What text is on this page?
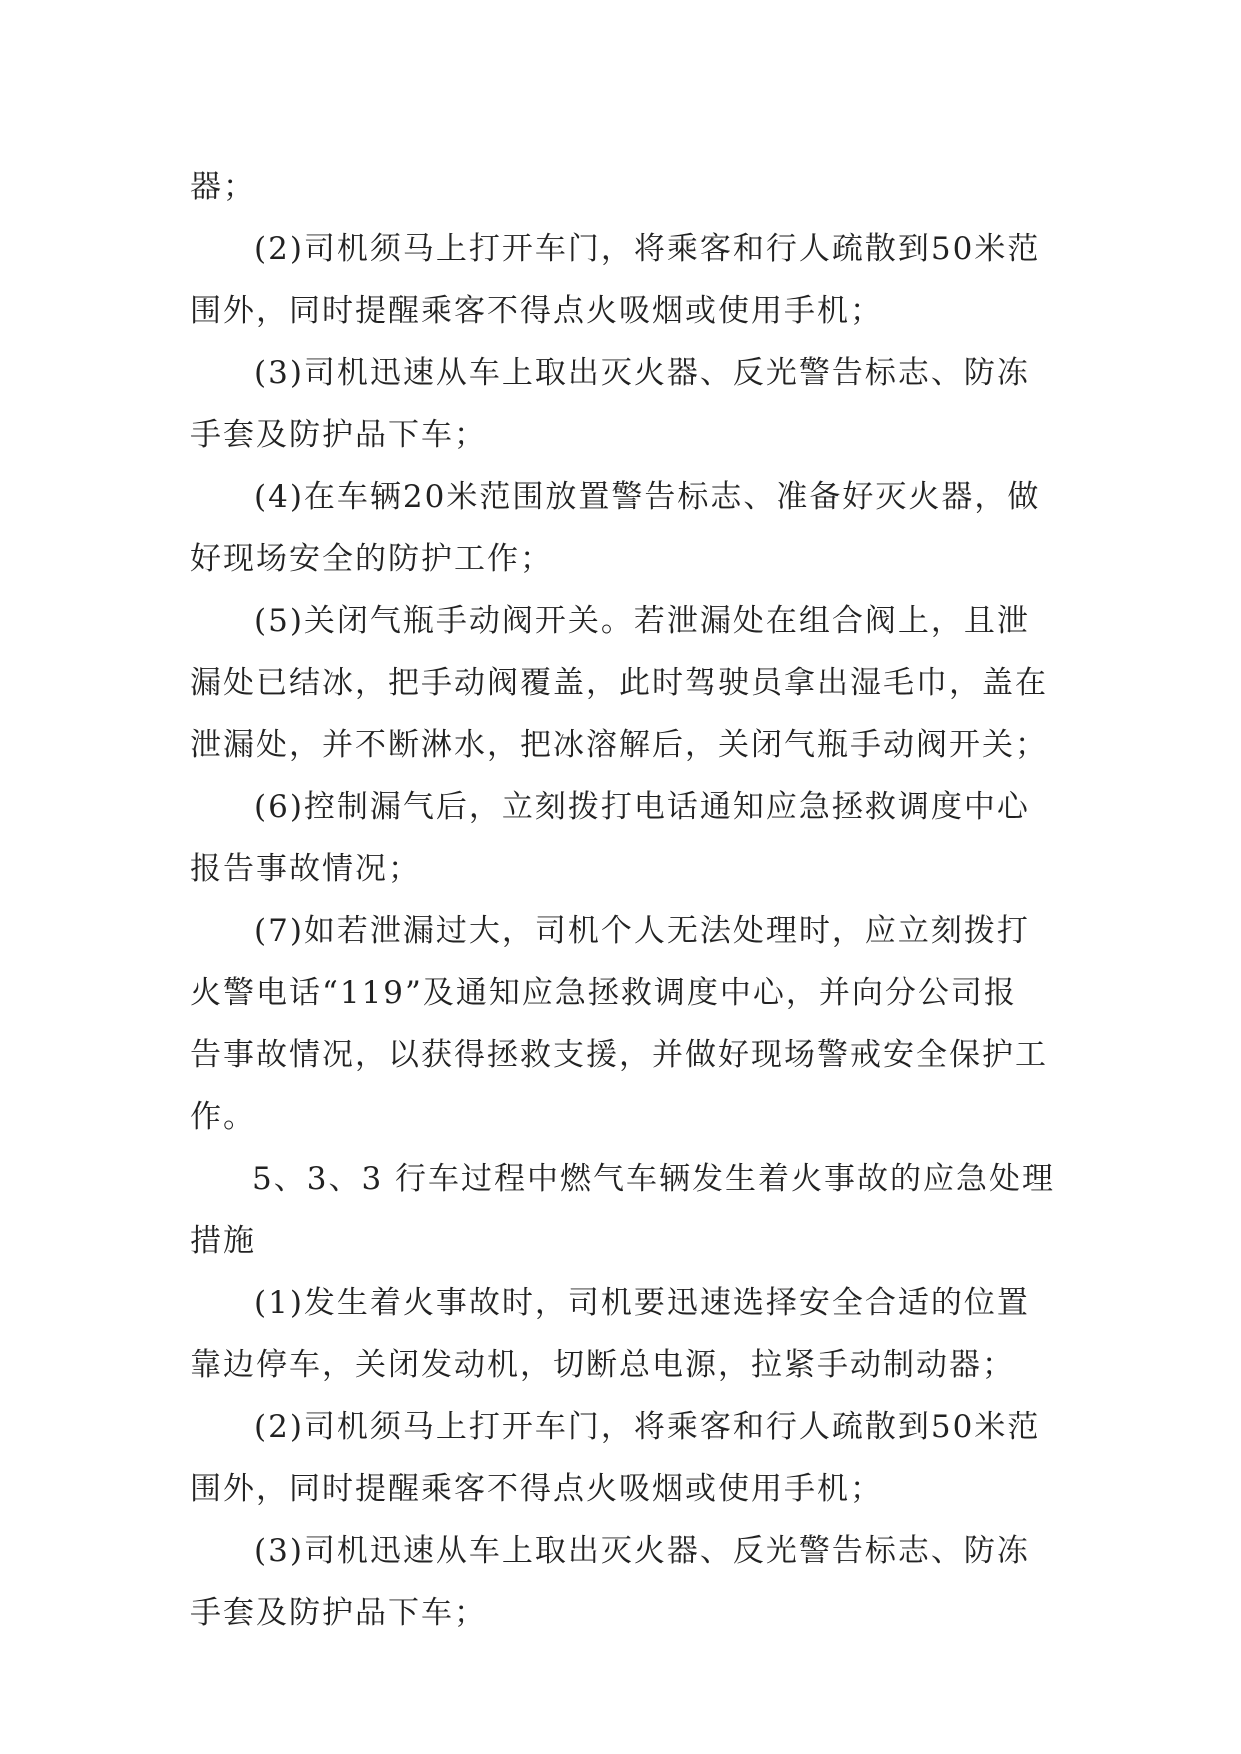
器；
(2)司机须马上打开车门，将乘客和行人疏散到50米范
围外，同时提醒乘客不得点火吸烟或使用手机；
(3)司机迅速从车上取出灭火器、反光警告标志、防冻
手套及防护品下车；
(4)在车辆20米范围放置警告标志、准备好灭火器，做
好现场安全的防护工作；
(5)关闭气瓶手动阀开关。若泄漏处在组合阀上，且泄
漏处已结冰，把手动阀覆盖，此时驾驶员拿出湿毛巾，盖在
泄漏处，并不断淋水，把冰溶解后，关闭气瓶手动阀开关；
(6)控制漏气后，立刻拨打电话通知应急拯救调度中心
报告事故情况；
(7)如若泄漏过大，司机个人无法处理时，应立刻拨打
火警电话“119”及通知应急拯救调度中心，并向分公司报
告事故情况，以获得拯救支援，并做好现场警戒安全保护工
作。
5、3、3 行车过程中燃气车辆发生着火事故的应急处理
措施
(1)发生着火事故时，司机要迅速选择安全合适的位置
靠边停车，关闭发动机，切断总电源，拉紧手动制动器；
(2)司机须马上打开车门，将乘客和行人疏散到50米范
围外，同时提醒乘客不得点火吸烟或使用手机；
(3)司机迅速从车上取出灭火器、反光警告标志、防冻
手套及防护品下车；
